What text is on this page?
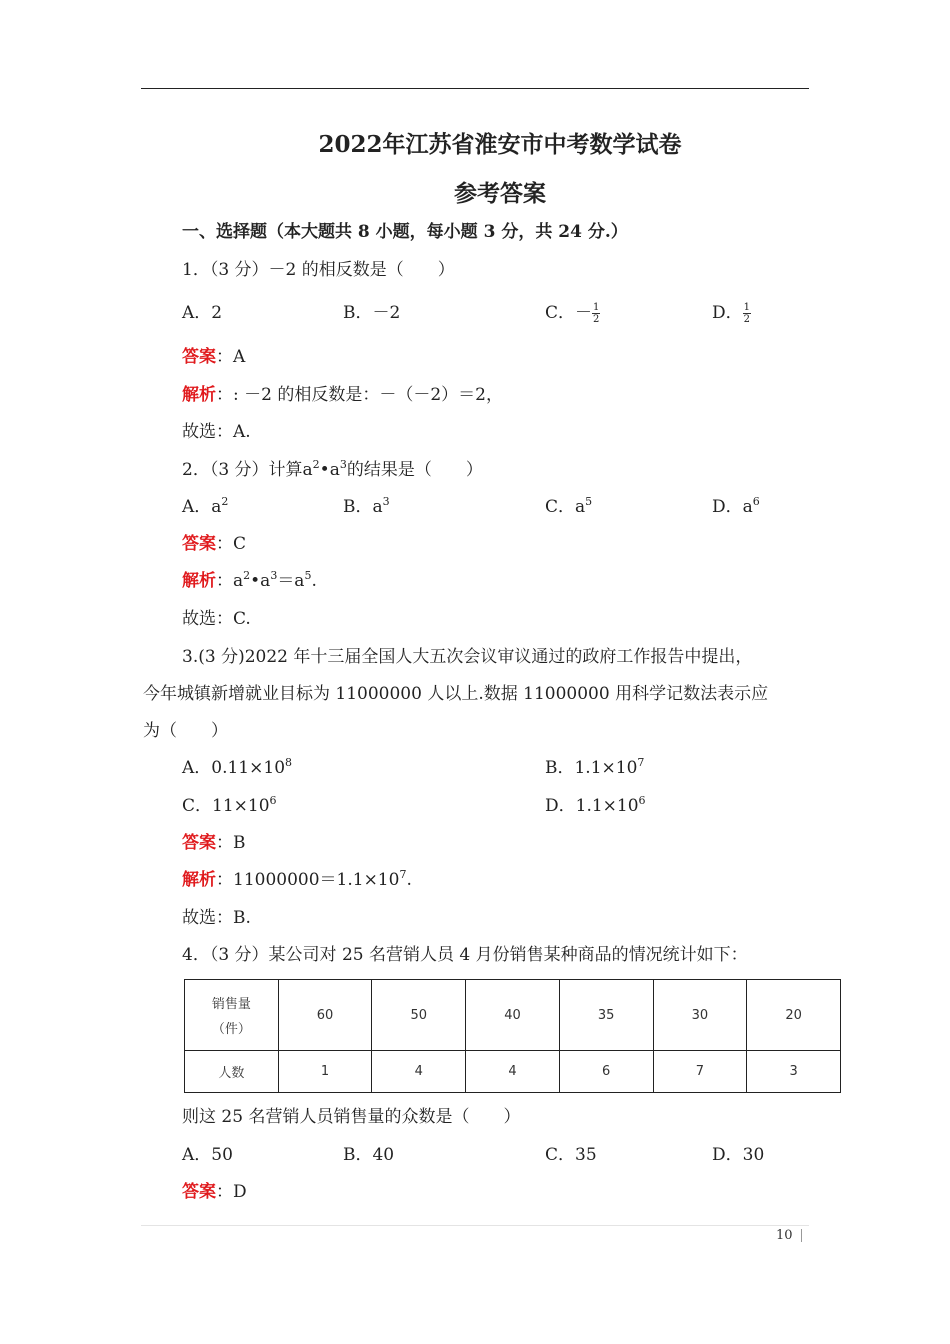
2022年江苏省淮安市中考数学试卷
参考答案
一、选择题（本大题共 8 小题，每小题 3 分，共 24 分.）
1．（3 分）－2 的相反数是（　　）
A．2	B．－2	C．－ $\frac{1}{2}$	D． $\frac{1}{2}$
答案：A
解析：: －2 的相反数是：－（－2）＝2，
故选：A.
2．（3 分）计算$a^2•a^3$的结果是（　　）
A．$a^2$	B．$a^3$	C．$a^5$	D．$a^6$
答案：C
解析：$a^2•a^3=a^5$.
故选：C.
3.(3 分)2022 年十三届全国人大五次会议审议通过的政府工作报告中提出，
今年城镇新增就业目标为 11000000 人以上.数据 11000000 用科学记数法表示应
为（　　）
A．$0.11\times 10^8$	B．$1.1\times 10^7$
C．$11\times 10^6$	D．$1.1\times 10^6$
答案：B
解析：$11000000=1.1\times 10^7$.
故选：B.
4．（3 分）某公司对 25 名营销人员 4 月份销售某种商品的情况统计如下：
销售量
（件）	60	50	40	35	30	20
人数	1	4	4	6	7	3
则这 25 名营销人员销售量的众数是（　　）
A．50	B．40	C．35	D．30
答案：D
10
